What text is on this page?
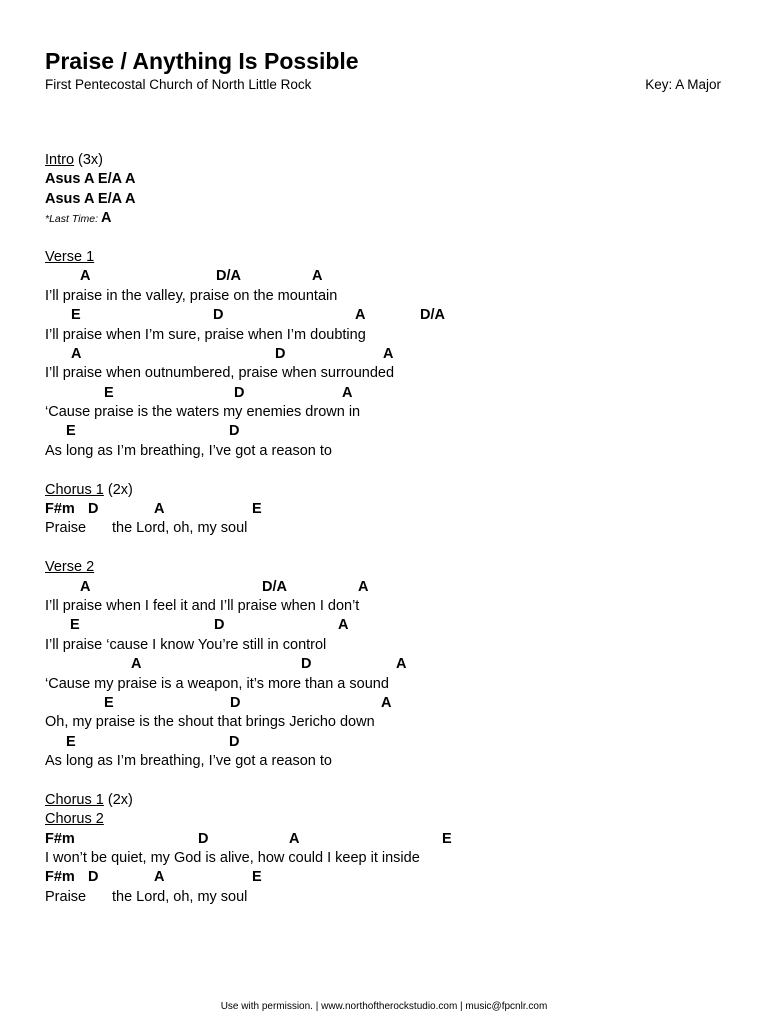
Praise / Anything Is Possible
First Pentecostal Church of North Little Rock	Key: A Major
Intro (3x)
Asus A E/A A
Asus A E/A A
*Last Time: A
Verse 1
A	D/A	A
I’ll praise in the valley, praise on the mountain
E	D	A	D/A
I’ll praise when I’m sure, praise when I’m doubting
A	D	A
I’ll praise when outnumbered, praise when surrounded
E	D	A
‘Cause praise is the waters my enemies drown in
E	D
As long as I’m breathing, I’ve got a reason to
Chorus 1 (2x)
F#m D	A	E
Praise the Lord, oh, my soul
Verse 2
A	D/A	A
I’ll praise when I feel it and I’ll praise when I don’t
E	D	A
I’ll praise ‘cause I know You’re still in control
A	D	A
‘Cause my praise is a weapon, it’s more than a sound
E	D	A
Oh, my praise is the shout that brings Jericho down
E	D
As long as I’m breathing, I’ve got a reason to
Chorus 1 (2x)
Chorus 2
F#m	D	A	E
I won’t be quiet, my God is alive, how could I keep it inside
F#m D	A	E
Praise the Lord, oh, my soul
Use with permission. | www.northoftherockstudio.com | music@fpcnlr.com
